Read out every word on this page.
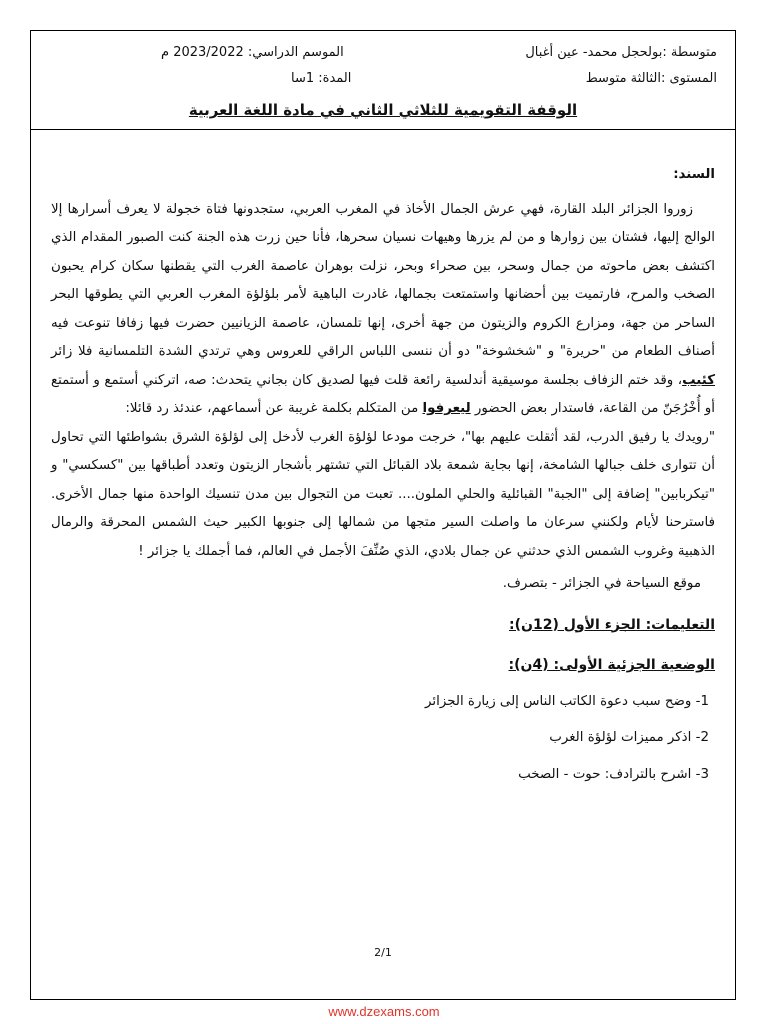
متوسطة :بولحجل محمد- عين أغبال
الموسم الدراسي: 2023/2022 م
المستوى :الثالثة متوسط
المدة: 1سا
الوقفة التقويمية للثلاثي الثاني في مادة اللغة العربية

السند:

زوروا الجزائر البلد القارة، فهي عرش الجمال الأخاذ في المغرب العربي، ستجدونها فتاة خجولة لا يعرف أسرارها إلا الوالج إليها، فشتان بين زوارها و من لم يزرها وهيهات نسيان سحرها، فأنا حين زرت هذه الجنة كنت الصبور المقدام الذي اكتشف بعض ماحوته من جمال وسحر، بين صحراء وبحر، نزلت بوهران عاصمة الغرب التي يقطنها سكان كرام يحبون الصخب والمرح، فارتميت بين أحضانها واستمتعت بجمالها، غادرت الباهية لأمر بلؤلؤة المغرب العربي التي يطوقها البحر الساحر من جهة، ومزارع الكروم والزيتون من جهة أخرى، إنها تلمسان، عاصمة الزيانيين حضرت فيها زفافا تنوعت فيه أصناف الطعام من "حريرة" و "شخشوخة" دو أن ننسى اللباس الراقي للعروس وهي ترتدي الشدة التلمسانية فلا زائر كئيب، وقد ختم الزفاف بجلسة موسيقية أندلسية رائعة قلت فيها لصديق كان بجاني يتحدث: صه، اتركني أستمع و أستمتع أو أُخْرُجَنّ من القاعة، فاستدار بعض الحضور ليعرفوا من المتكلم بكلمة غريبة عن أسماعهم، عندئذ رد قائلا:

"رويدك يا رفيق الدرب، لقد أثقلت عليهم بها"، خرجت مودعا لؤلؤة الغرب لأدخل إلى لؤلؤة الشرق بشواطئها التي تحاول أن تتوارى خلف جبالها الشامخة، إنها بجاية شمعة بلاد القبائل التي تشتهر بأشجار الزيتون وتعدد أطباقها بين "كسكسي" و "تيكربابين" إضافة إلى "الجبة" القبائلية والحلي الملون.... تعبت من التجوال بين مدن تنسيك الواحدة منها جمال الأخرى. فاسترحنا لأيام ولكنني سرعان ما واصلت السير متجها من شمالها إلى جنوبها الكبير حيث الشمس المحرقة والرمال الذهبية وغروب الشمس الذي حدثني عن جمال بلادي، الذي صُنِّفَ الأجمل في العالم، فما أجملك يا جزائر !

موقع السياحة في الجزائر - بتصرف.

التعليمات: الجزء الأول (12ن):

الوضعية الجزئية الأولى: (4ن):

1- وضح سبب دعوة الكاتب الناس إلى زيارة الجزائر

2- اذكر مميزات لؤلؤة الغرب

3- اشرح بالترادف: حوت - الصخب

2/1
www.dzexams.com
